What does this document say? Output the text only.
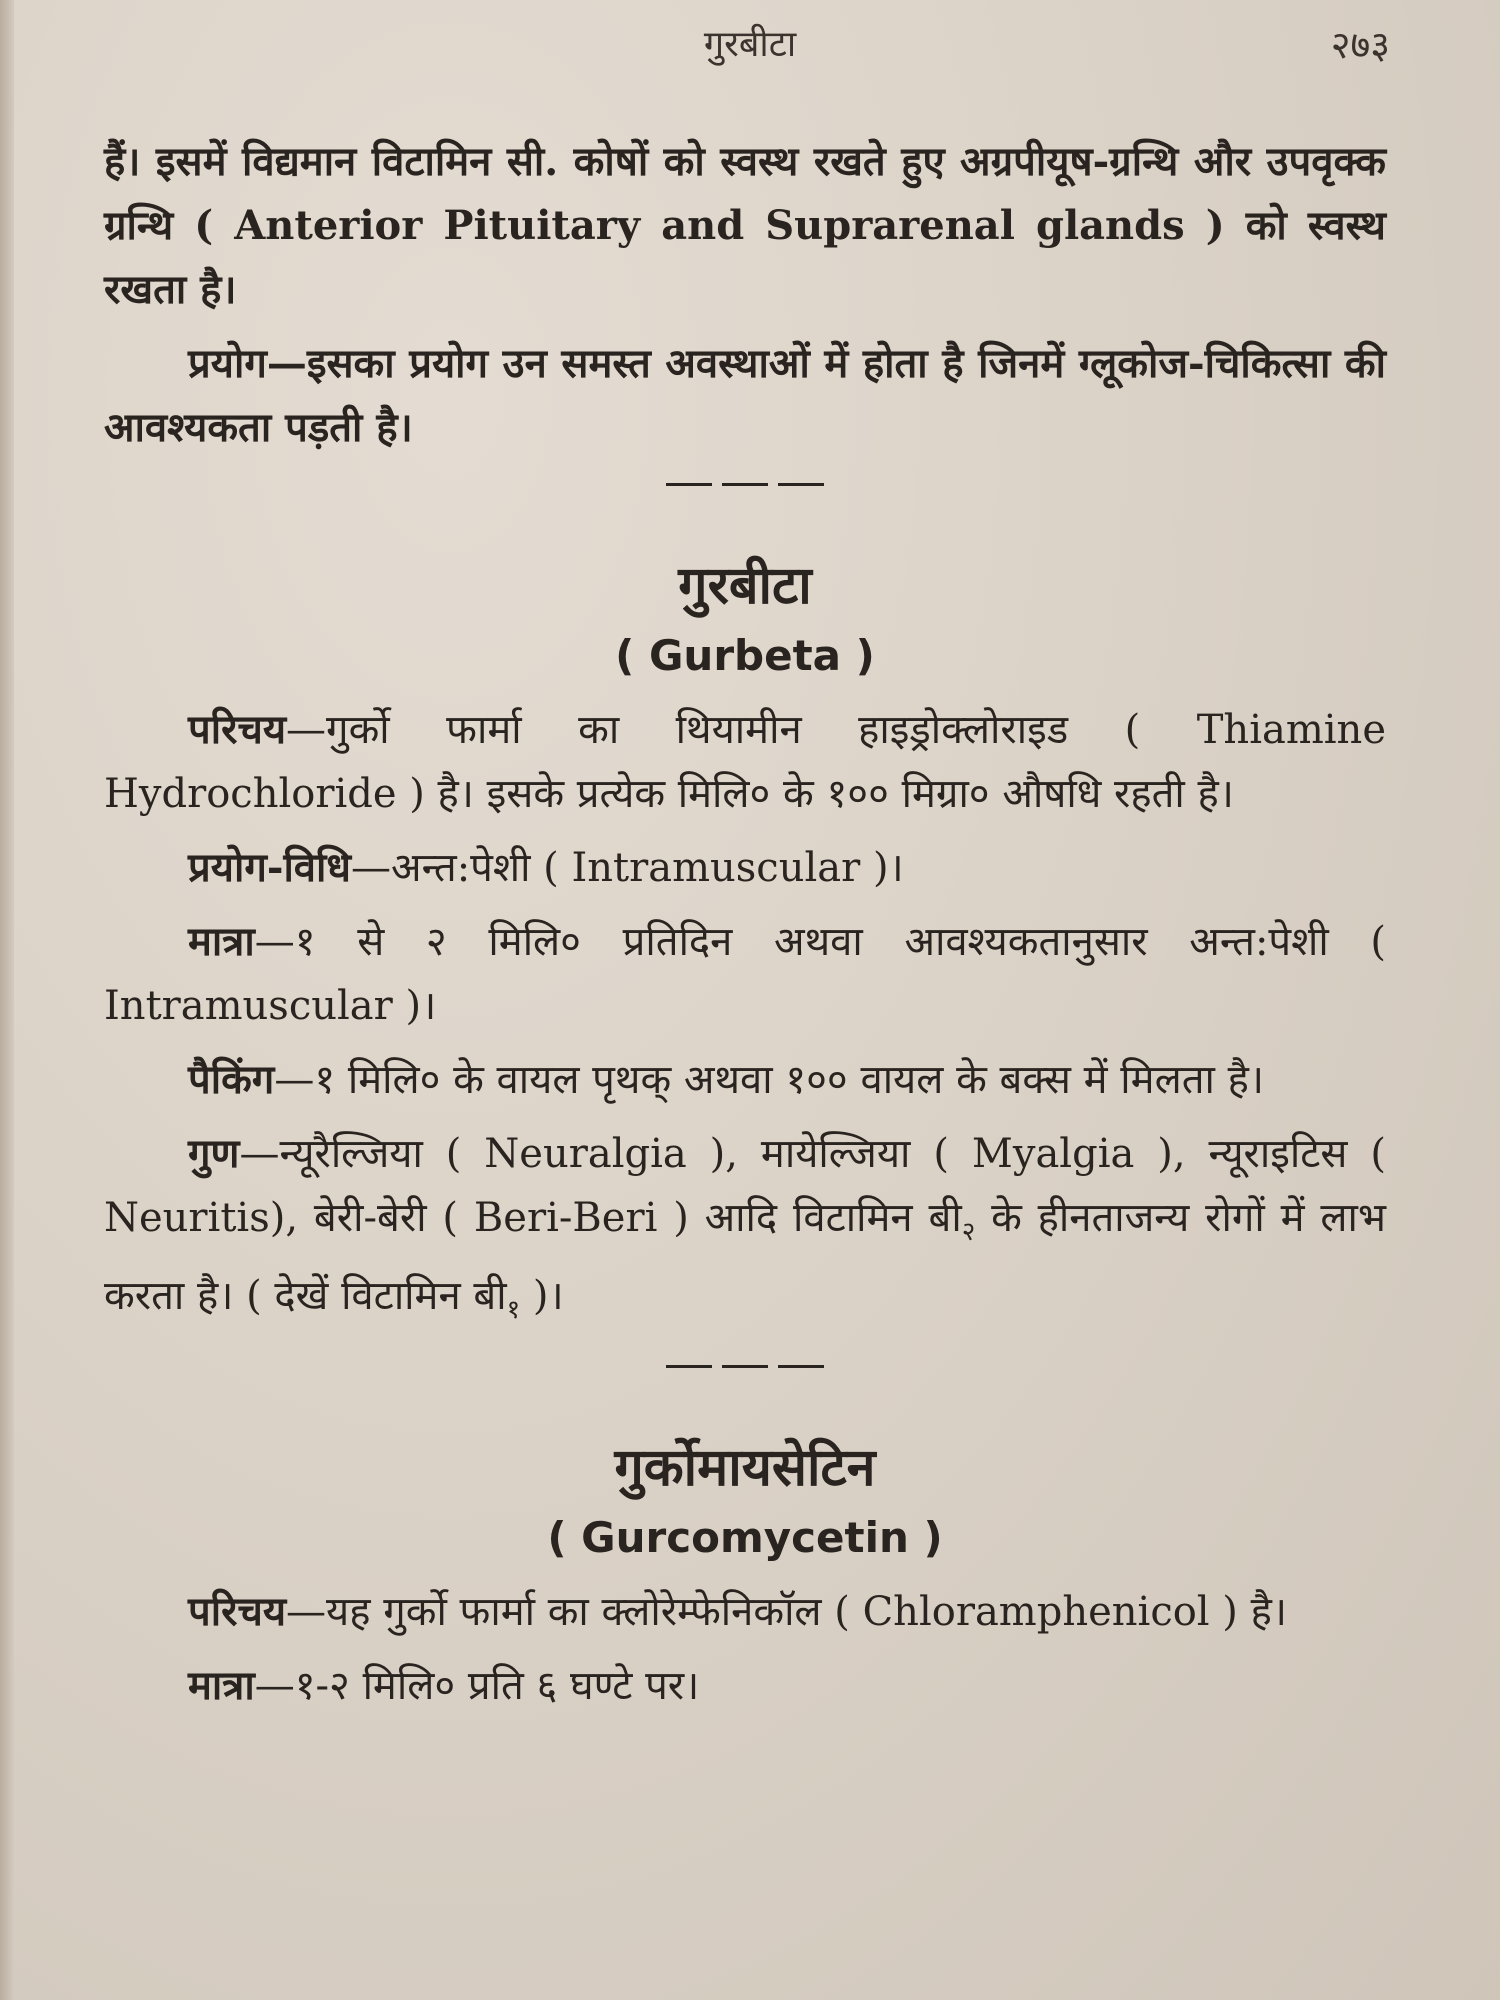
गुरबीटा	२७३

हैं। इसमें विद्यमान विटामिन सी. कोषों को स्वस्थ रखते हुए अग्रपीयूष-ग्रन्थि और उपवृक्क ग्रन्थि ( Anterior Pituitary and Suprarenal glands ) को स्वस्थ रखता है।

प्रयोग—इसका प्रयोग उन समस्त अवस्थाओं में होता है जिनमें ग्लूकोज-चिकित्सा की आवश्यकता पड़ती है।

गुरबीटा
( Gurbeta )

परिचय—गुर्को फार्मा का थियामीन हाइड्रोक्लोराइड ( Thiamine Hydrochloride ) है। इसके प्रत्येक मिलि० के १०० मिग्रा० औषधि रहती है।

प्रयोग-विधि—अन्त:पेशी ( Intramuscular )।

मात्रा—१ से २ मिलि० प्रतिदिन अथवा आवश्यकतानुसार अन्त:पेशी ( Intramuscular )।

पैकिंग—१ मिलि० के वायल पृथक् अथवा १०० वायल के बक्स में मिलता है।

गुण—न्यूरैल्जिया ( Neuralgia ), मायेल्जिया ( Myalgia ), न्यूराइटिस ( Neuritis), बेरी-बेरी ( Beri-Beri ) आदि विटामिन $बी_२$ के हीनताजन्य रोगों में लाभ करता है। ( देखें विटामिन $बी_१$ )।

गुर्कोमायसेटिन
( Gurcomycetin )

परिचय—यह गुर्को फार्मा का क्लोरेम्फेनिकॉल ( Chloramphenicol ) है।

मात्रा—१-२ मिलि० प्रति ६ घण्टे पर।
